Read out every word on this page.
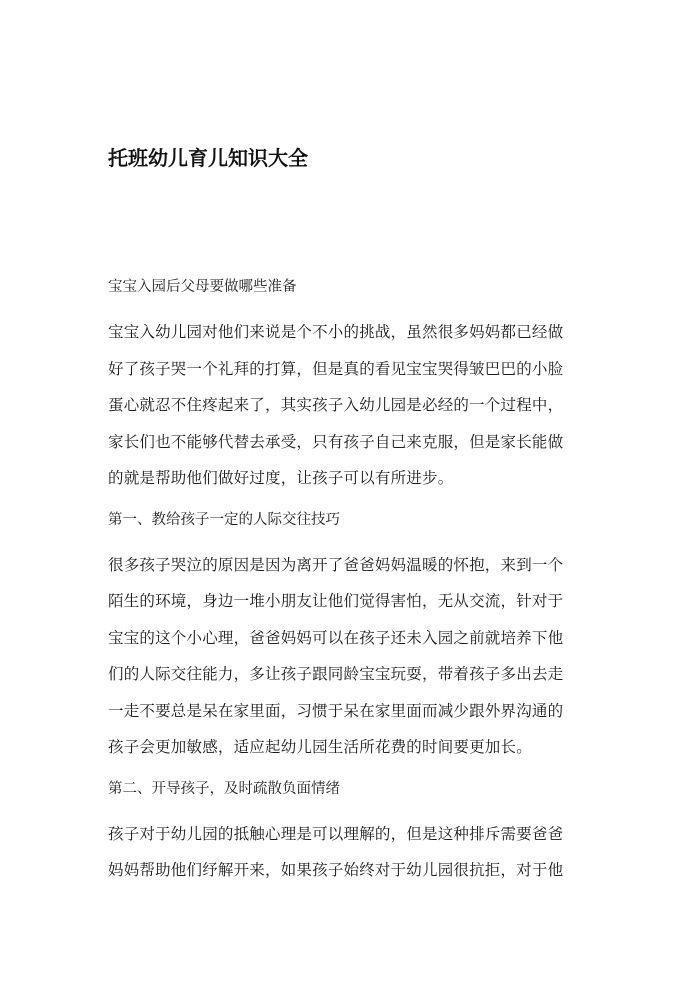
托班幼儿育儿知识大全
宝宝入园后父母要做哪些准备

宝宝入幼儿园对他们来说是个不小的挑战，虽然很多妈妈都已经做
好了孩子哭一个礼拜的打算，但是真的看见宝宝哭得皱巴巴的小脸
蛋心就忍不住疼起来了，其实孩子入幼儿园是必经的一个过程中，
家长们也不能够代替去承受，只有孩子自己来克服，但是家长能做
的就是帮助他们做好过度，让孩子可以有所进步。

第一、教给孩子一定的人际交往技巧

很多孩子哭泣的原因是因为离开了爸爸妈妈温暖的怀抱，来到一个
陌生的环境，身边一堆小朋友让他们觉得害怕，无从交流，针对于
宝宝的这个小心理，爸爸妈妈可以在孩子还未入园之前就培养下他
们的人际交往能力，多让孩子跟同龄宝宝玩耍，带着孩子多出去走
一走不要总是呆在家里面，习惯于呆在家里面而减少跟外界沟通的
孩子会更加敏感，适应起幼儿园生活所花费的时间要更加长。

第二、开导孩子，及时疏散负面情绪

孩子对于幼儿园的抵触心理是可以理解的，但是这种排斥需要爸爸
妈妈帮助他们纾解开来，如果孩子始终对于幼儿园很抗拒，对于他
